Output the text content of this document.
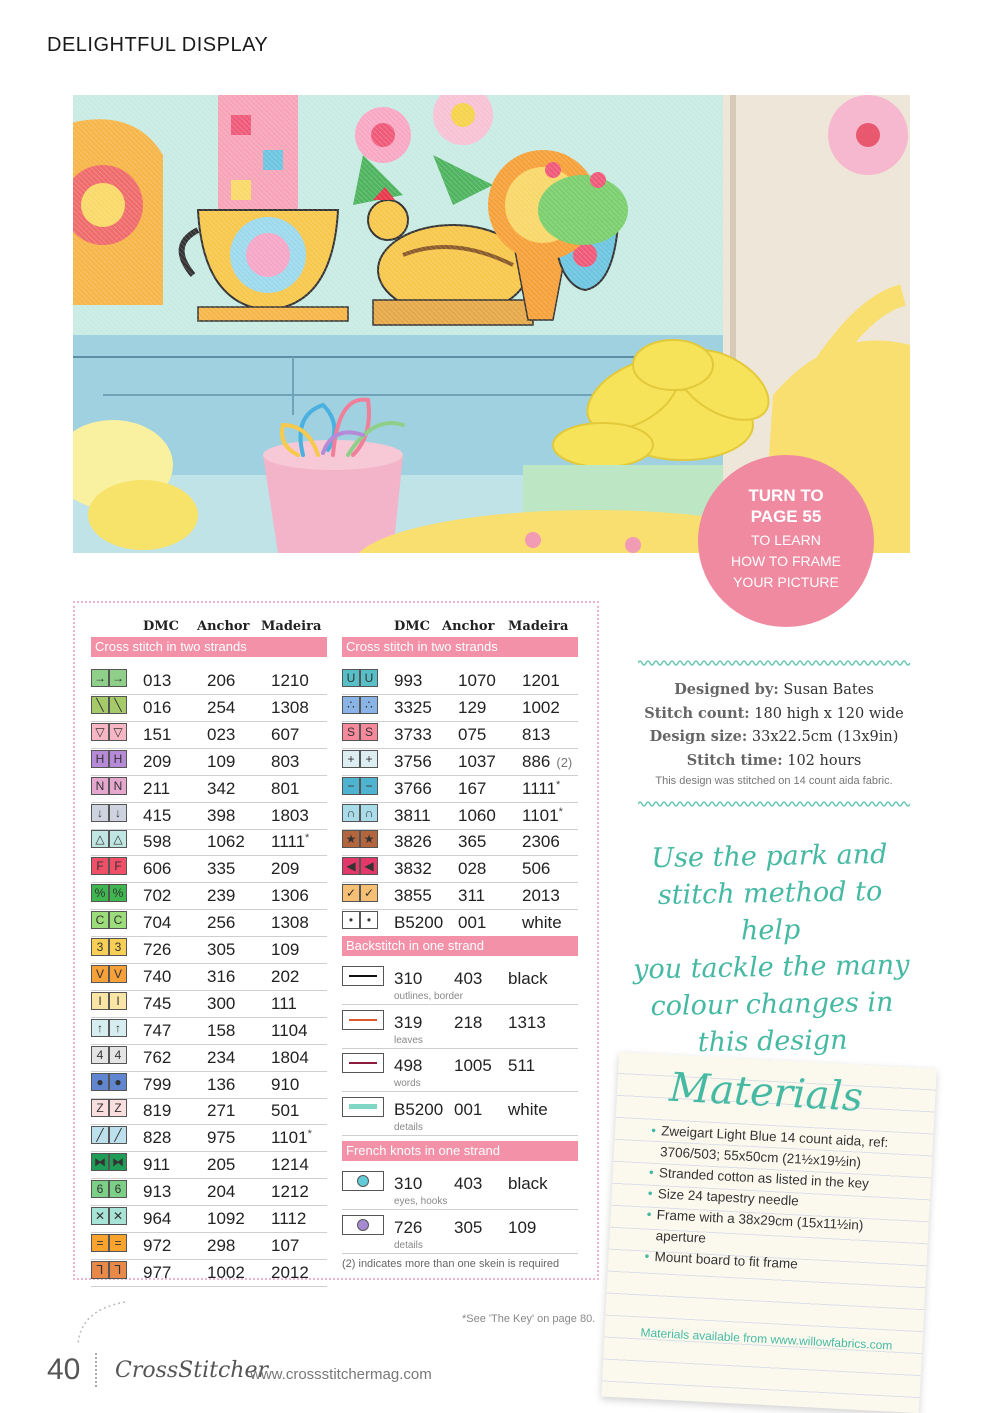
DELIGHTFUL DISPLAY
TURN TO
PAGE 55
TO LEARN
HOW TO FRAME
YOUR PICTURE
DMC Anchor Madeira
Cross stitch in two strands
→ → 013 206 1210
╲ ╲	016 254 1308
▽ ▽ 151 023 607
H H 209 109 803
N N 211 342 801
↓	↓	415 398 1803
△ △ 598 1062 1111*
F F	606 335 209
% % 702 239 1306
C C 704 256 1308
3 3	726 305 109
V V 740 316 202
I	I	745 300 111
↑	↑	747 158 1104
4 4	762 234 1804
● ●	799 136 910
Z Z	819 271 501
╱ ╱	828 975 1101*
⧓ ⧓ 911 205 1214
6 6	913 204 1212
✕ ✕ 964 1092 1112
= =	972 298 107
⅂ ⅂	977 1002 2012
DMC Anchor Madeira
Cross stitch in two strands
U U 993 1070 1201
∴ ∴	3325 129 1002
S S 3733 075 813
+ +	3756 1037 886 (2)
− −	3766 167 1111*
∩ ∩ 3811 1060 1101*
★ ★ 3826 365 2306
◀ ◀ 3832 028 506
✓ ✓ 3855 311 2013
•	•	B5200 001 white
Backstitch in one strand
310 403 black
outlines, border
319 218 1313
leaves
498 1005 511
words
B5200 001 white
details
French knots in one strand
310 403 black
eyes, hooks
726 305 109
details
(2) indicates more than one skein is required
*See 'The Key' on page 80.
Designed by: Susan Bates
Stitch count: 180 high x 120 wide
Design size: 33x22.5cm (13x9in)
Stitch time: 102 hours
This design was stitched on 14 count aida fabric.
Use the park and
stitch method to help
you tackle the many
colour changes in
this design
Materials
• Zweigart Light Blue 14 count aida, ref: 3706/503; 55x50cm (21½x19½in)
• Stranded cotton as listed in the key
• Size 24 tapestry needle
• Frame with a 38x29cm (15x11½in) aperture
• Mount board to fit frame
Materials available from www.willowfabrics.com
40 CrossStitcher
www.crossstitchermag.com
